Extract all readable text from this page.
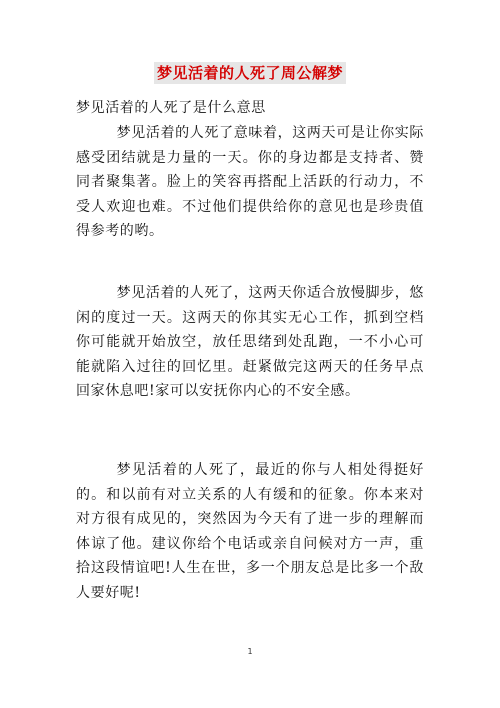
梦见活着的人死了周公解梦
梦见活着的人死了是什么意思

梦见活着的人死了意味着，这两天可是让你实际感受团结就是力量的一天。你的身边都是支持者、赞同者聚集著。脸上的笑容再搭配上活跃的行动力，不受人欢迎也难。不过他们提供给你的意见也是珍贵值得参考的哟。

梦见活着的人死了，这两天你适合放慢脚步，悠闲的度过一天。这两天的你其实无心工作，抓到空档你可能就开始放空，放任思绪到处乱跑，一不小心可能就陷入过往的回忆里。赶紧做完这两天的任务早点回家休息吧!家可以安抚你内心的不安全感。

梦见活着的人死了，最近的你与人相处得挺好的。和以前有对立关系的人有缓和的征象。你本来对对方很有成见的，突然因为今天有了进一步的理解而体谅了他。建议你给个电话或亲自问候对方一声，重拾这段情谊吧!人生在世，多一个朋友总是比多一个敌人要好呢!

1
